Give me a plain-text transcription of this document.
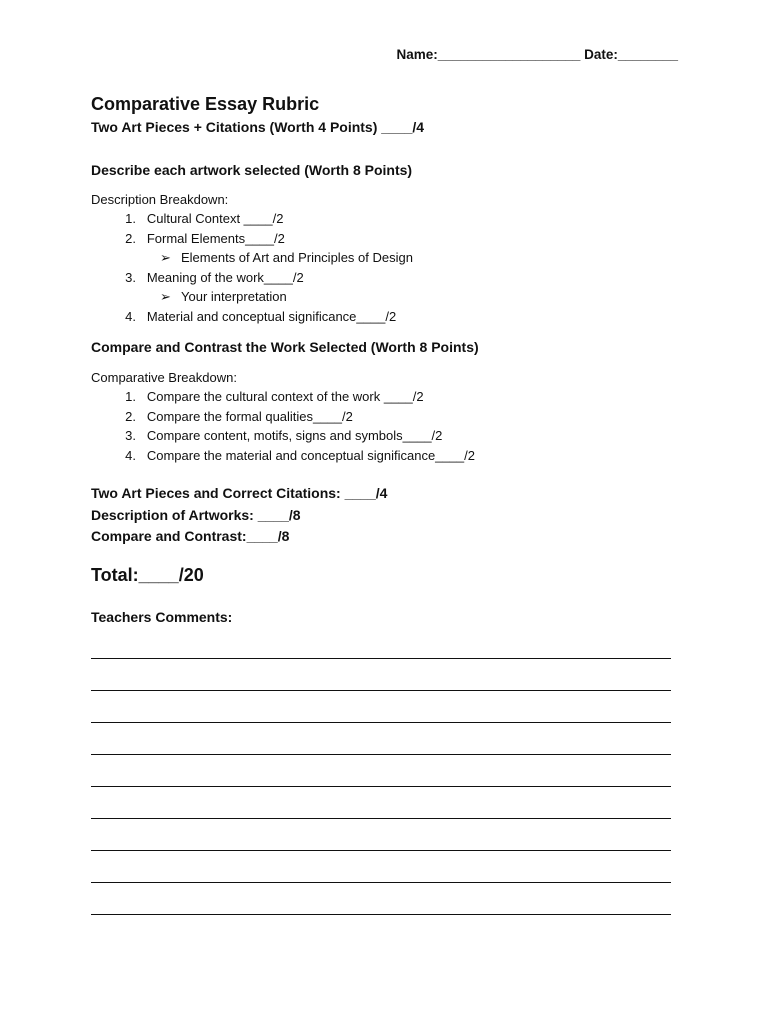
Name:___________________ Date:________
Comparative Essay Rubric
Two Art Pieces + Citations (Worth 4 Points) ____/4
Describe each artwork selected (Worth 8 Points)
Description Breakdown:
1. Cultural Context ____/2
2. Formal Elements____/2
➢ Elements of Art and Principles of Design
3. Meaning of the work____/2
➢ Your interpretation
4. Material and conceptual significance____/2
Compare and Contrast the Work Selected (Worth 8 Points)
Comparative Breakdown:
1. Compare the cultural context of the work ____/2
2. Compare the formal qualities____/2
3. Compare content, motifs, signs and symbols____/2
4. Compare the material and conceptual significance____/2
Two Art Pieces and Correct Citations: ____/4
Description of Artworks: ____/8
Compare and Contrast:____/8
Total:____/20
Teachers Comments:
